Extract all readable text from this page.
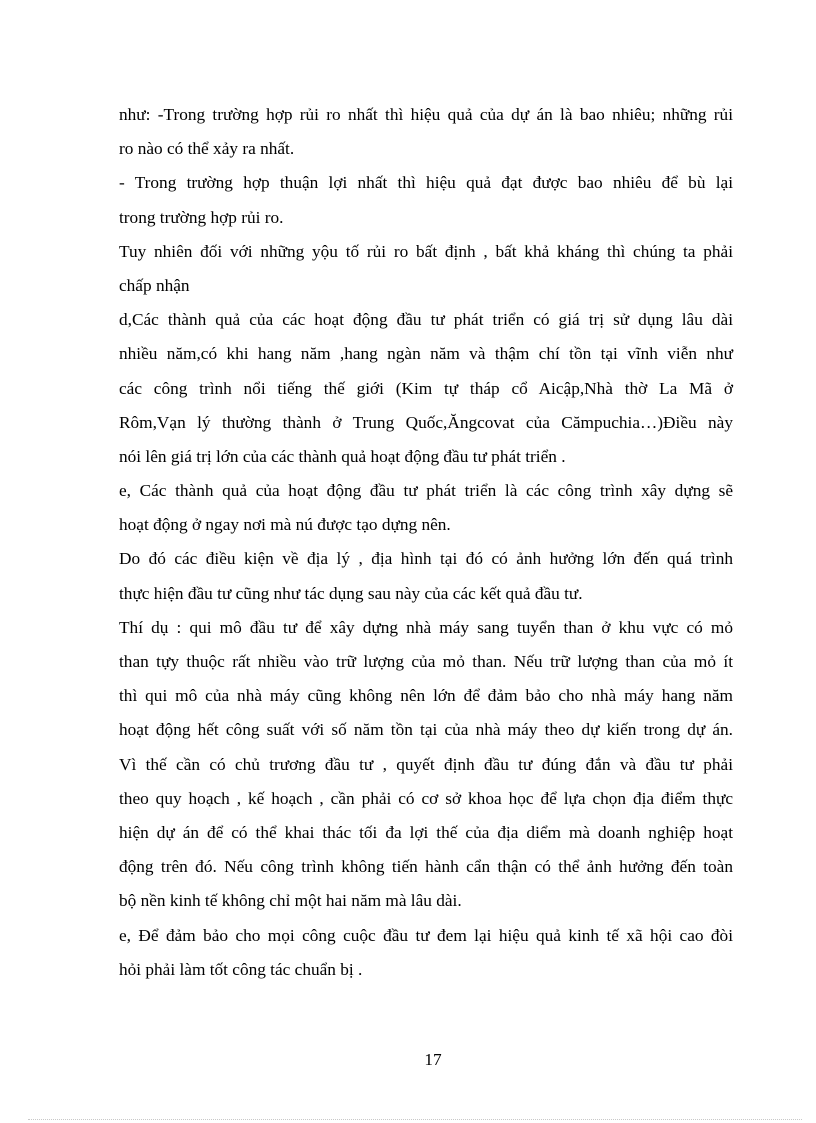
như: -Trong trường hợp rủi ro nhất thì hiệu quả của dự án là bao nhiêu; những rủi
ro nào có thể xảy ra nhất.
- Trong trường hợp thuận lợi nhất thì hiệu quả đạt được bao nhiêu để bù lại
trong trường hợp rủi ro.
Tuy nhiên đối với những yộu tố rủi ro bất định , bất khả kháng thì chúng ta phải
chấp nhận
d,Các thành quả của các hoạt động đầu tư phát triển có giá trị sử dụng lâu dài
nhiều năm,có khi hang năm ,hang ngàn năm và thậm chí tồn tại vĩnh viễn như
các công trình nổi tiếng thế giới (Kim tự tháp cổ Aicập,Nhà thờ La Mã ở
Rôm,Vạn lý thường thành ở Trung Quốc,Ăngcovat của Cămpuchia…)Điều này
nói lên giá trị lớn của các thành quả hoạt động đầu tư phát triển .
e, Các thành quả của hoạt động đầu tư phát triển là các công trình xây dựng sẽ
hoạt động ở ngay nơi mà nú được tạo dựng nên.
Do đó các điều kiện về địa lý , địa hình tại đó có ảnh hưởng lớn đến quá trình
thực hiện đầu tư cũng như tác dụng sau này của các kết quả đầu tư.
Thí dụ : qui mô đầu tư để xây dựng nhà máy sang tuyển than ở khu vực có mỏ
than tựy thuộc rất nhiều vào trữ lượng của mỏ than. Nếu trữ lượng than của mỏ ít
thì qui mô của nhà máy cũng không nên lớn để đảm bảo cho nhà máy hang năm
hoạt động hết công suất với số năm tồn tại của nhà máy theo dự kiến trong dự án.
Vì thế cần có chủ trương đầu tư , quyết định đầu tư đúng đắn và đầu tư phải
theo quy hoạch , kế hoạch , cần phải có cơ sở khoa học để lựa chọn địa điểm thực
hiện dự án để có thể khai thác tối đa lợi thế của địa diểm mà doanh nghiệp hoạt
động trên đó. Nếu công trình không tiến hành cẩn thận có thể ảnh hưởng đến toàn
bộ nền kinh tế không chỉ một hai năm mà lâu dài.
e, Để đảm bảo cho mọi công cuộc đầu tư đem lại hiệu quả kinh tế xã hội cao đòi
hỏi phải làm tốt công tác chuẩn bị .
17
